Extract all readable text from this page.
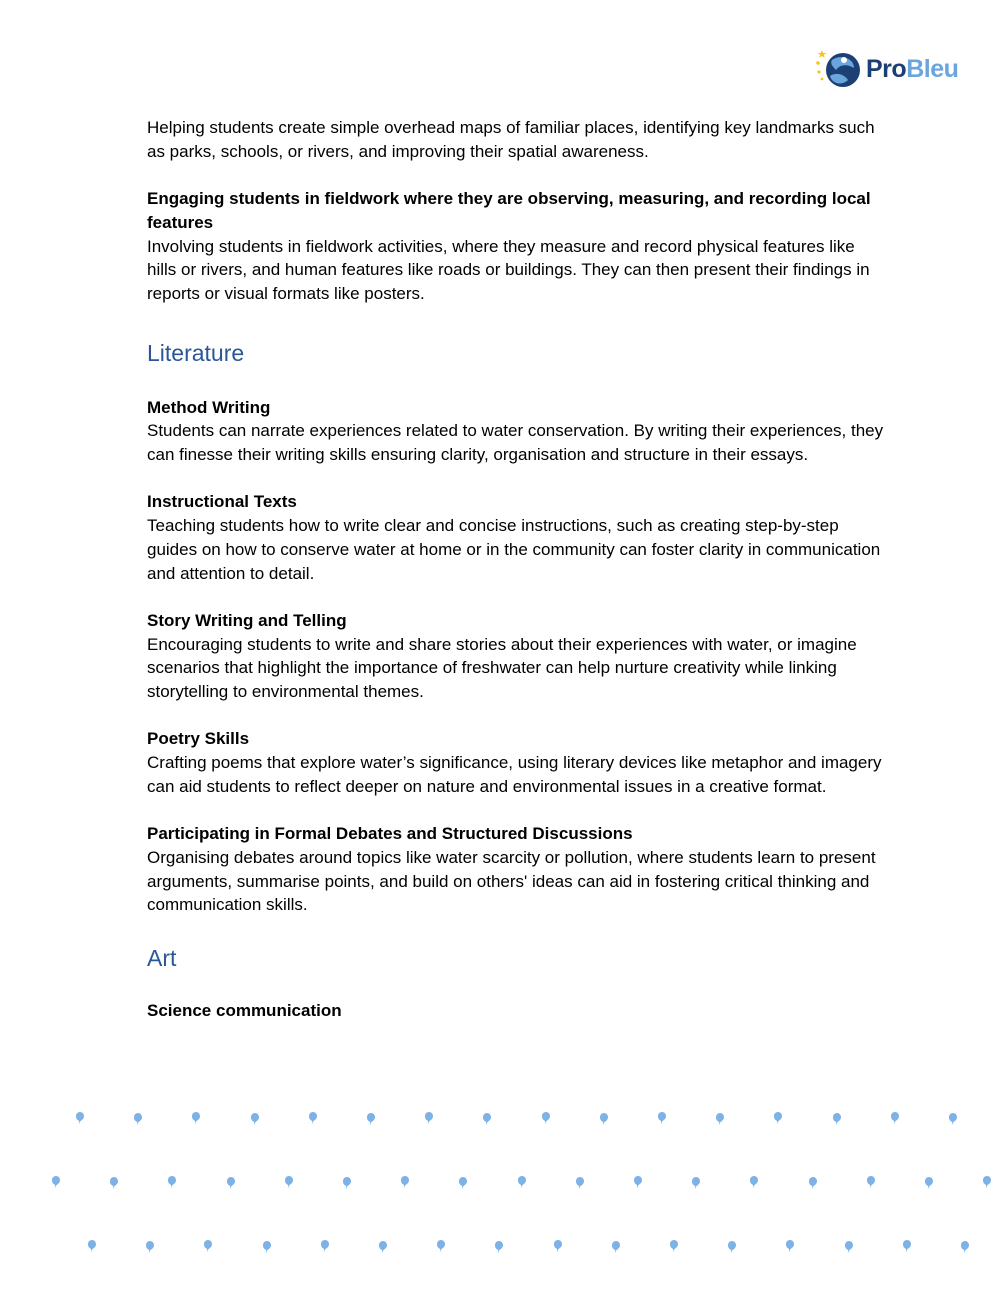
ProBleu

Helping students create simple overhead maps of familiar places, identifying key landmarks such as parks, schools, or rivers, and improving their spatial awareness.

Engaging students in fieldwork where they are observing, measuring, and recording local features

Involving students in fieldwork activities, where they measure and record physical features like hills or rivers, and human features like roads or buildings. They can then present their findings in reports or visual formats like posters.

Literature

Method Writing

Students can narrate experiences related to water conservation. By writing their experiences, they can finesse their writing skills ensuring clarity, organisation and structure in their essays.

Instructional Texts

Teaching students how to write clear and concise instructions, such as creating step-by-step guides on how to conserve water at home or in the community can foster clarity in communication and attention to detail.

Story Writing and Telling

Encouraging students to write and share stories about their experiences with water, or imagine scenarios that highlight the importance of freshwater can help nurture creativity while linking storytelling to environmental themes.

Poetry Skills

Crafting poems that explore water’s significance, using literary devices like metaphor and imagery can aid students to reflect deeper on nature and environmental issues in a creative format.

Participating in Formal Debates and Structured Discussions

Organising debates around topics like water scarcity or pollution, where students learn to present arguments, summarise points, and build on others' ideas can aid in fostering critical thinking and communication skills.

Art

Science communication
